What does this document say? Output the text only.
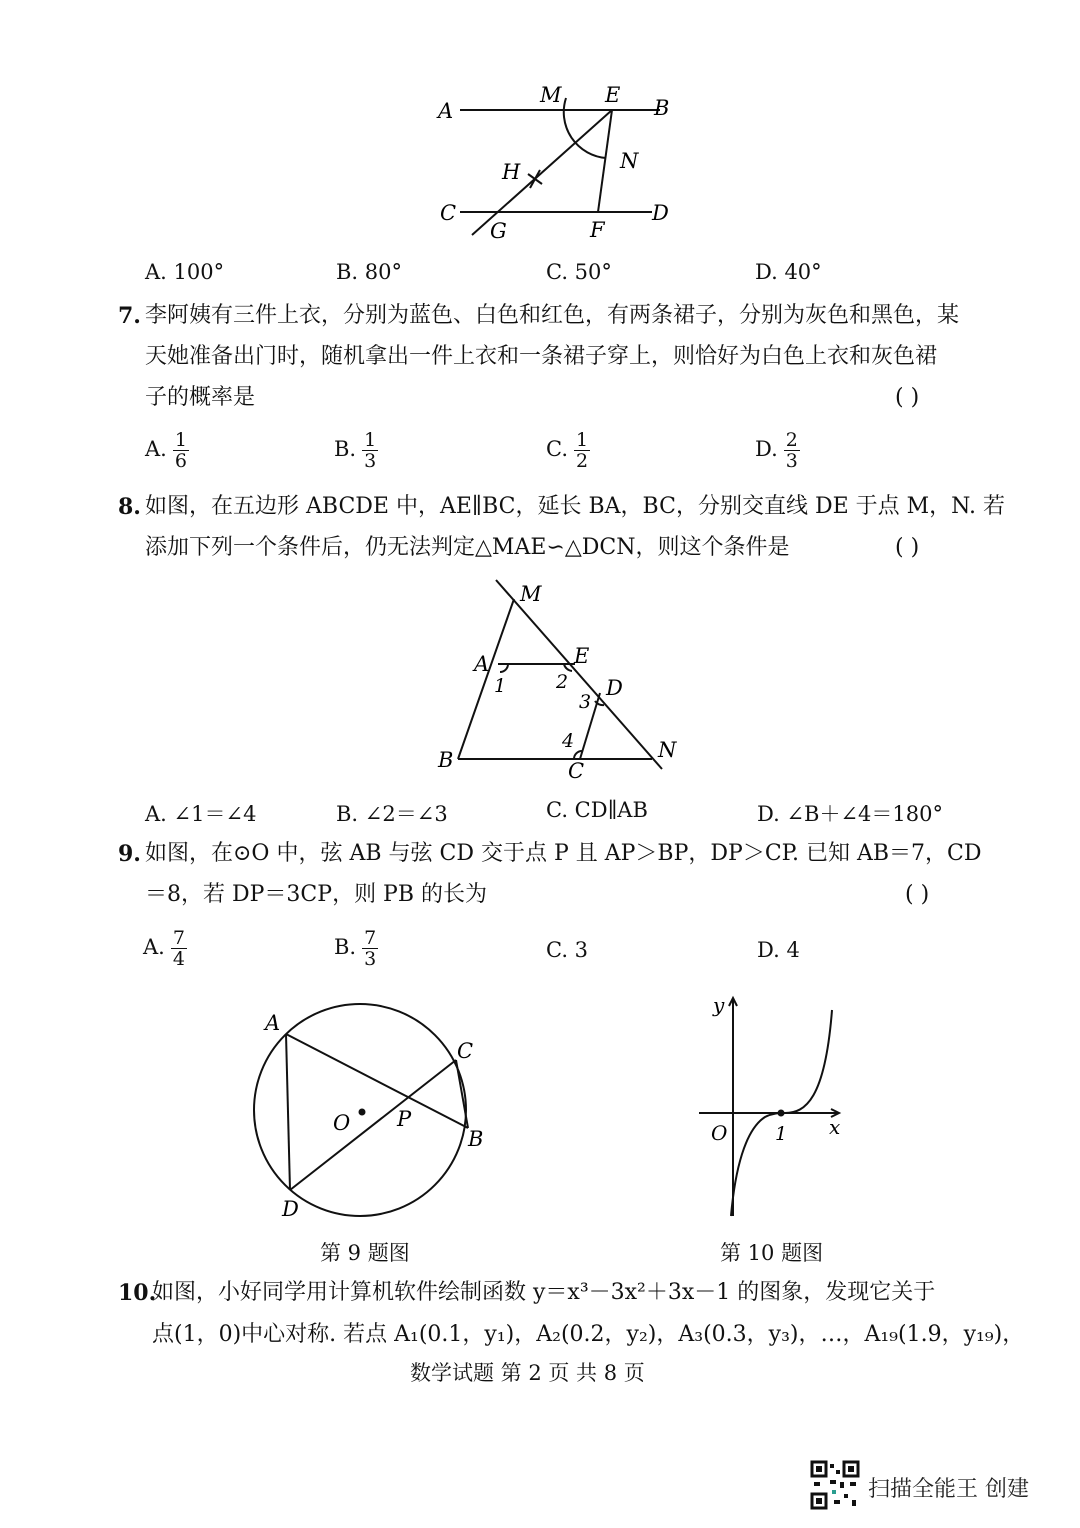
A
M E
B
N
H
C
G	F
D
A. 100°	B. 80°	C. 50°	D. 40°
7. 李阿姨有三件上衣，分别为蓝色、白色和红色，有两条裙子，分别为灰色和黑色，某
天她准备出门时，随机拿出一件上衣和一条裙子穿上，则恰好为白色上衣和灰色裙
子的概率是	( )
A. $\frac{1}{6}$	B. $\frac{1}{3}$	C. $\frac{1}{2}$	D. $\frac{2}{3}$
8. 如图，在五边形 ABCDE 中，AE∥BC，延长 BA，BC，分别交直线 DE 于点 M，N. 若
添加下列一个条件后，仍无法判定△MAE∽△DCN，则这个条件是	( )
M
A	E
1	2 D
3
4
B	C
N
A. ∠1＝∠4	B. ∠2＝∠3	C. CD∥AB	D. ∠B＋∠4＝180°
9. 如图，在⊙O 中，弦 AB 与弦 CD 交于点 P 且 AP＞BP，DP＞CP. 已知 AB＝7，CD
＝8，若 DP＝3CP，则 PB 的长为	( )
A. $\frac{7}{4}$	B. $\frac{7}{3}$	C. 3	D. 4
A
C
O P
B
D
第 9 题图
y
x
O	1
第 10 题图
10.
如图，小好同学用计算机软件绘制函数 y＝x³－3x²＋3x－1 的图象，发现它关于
点(1，0)中心对称. 若点 A₁(0.1，y₁)，A₂(0.2，y₂)，A₃(0.3，y₃)，…，A₁₉(1.9，y₁₉)，
数学试题 第 2 页 共 8 页
扫描全能王 创建
